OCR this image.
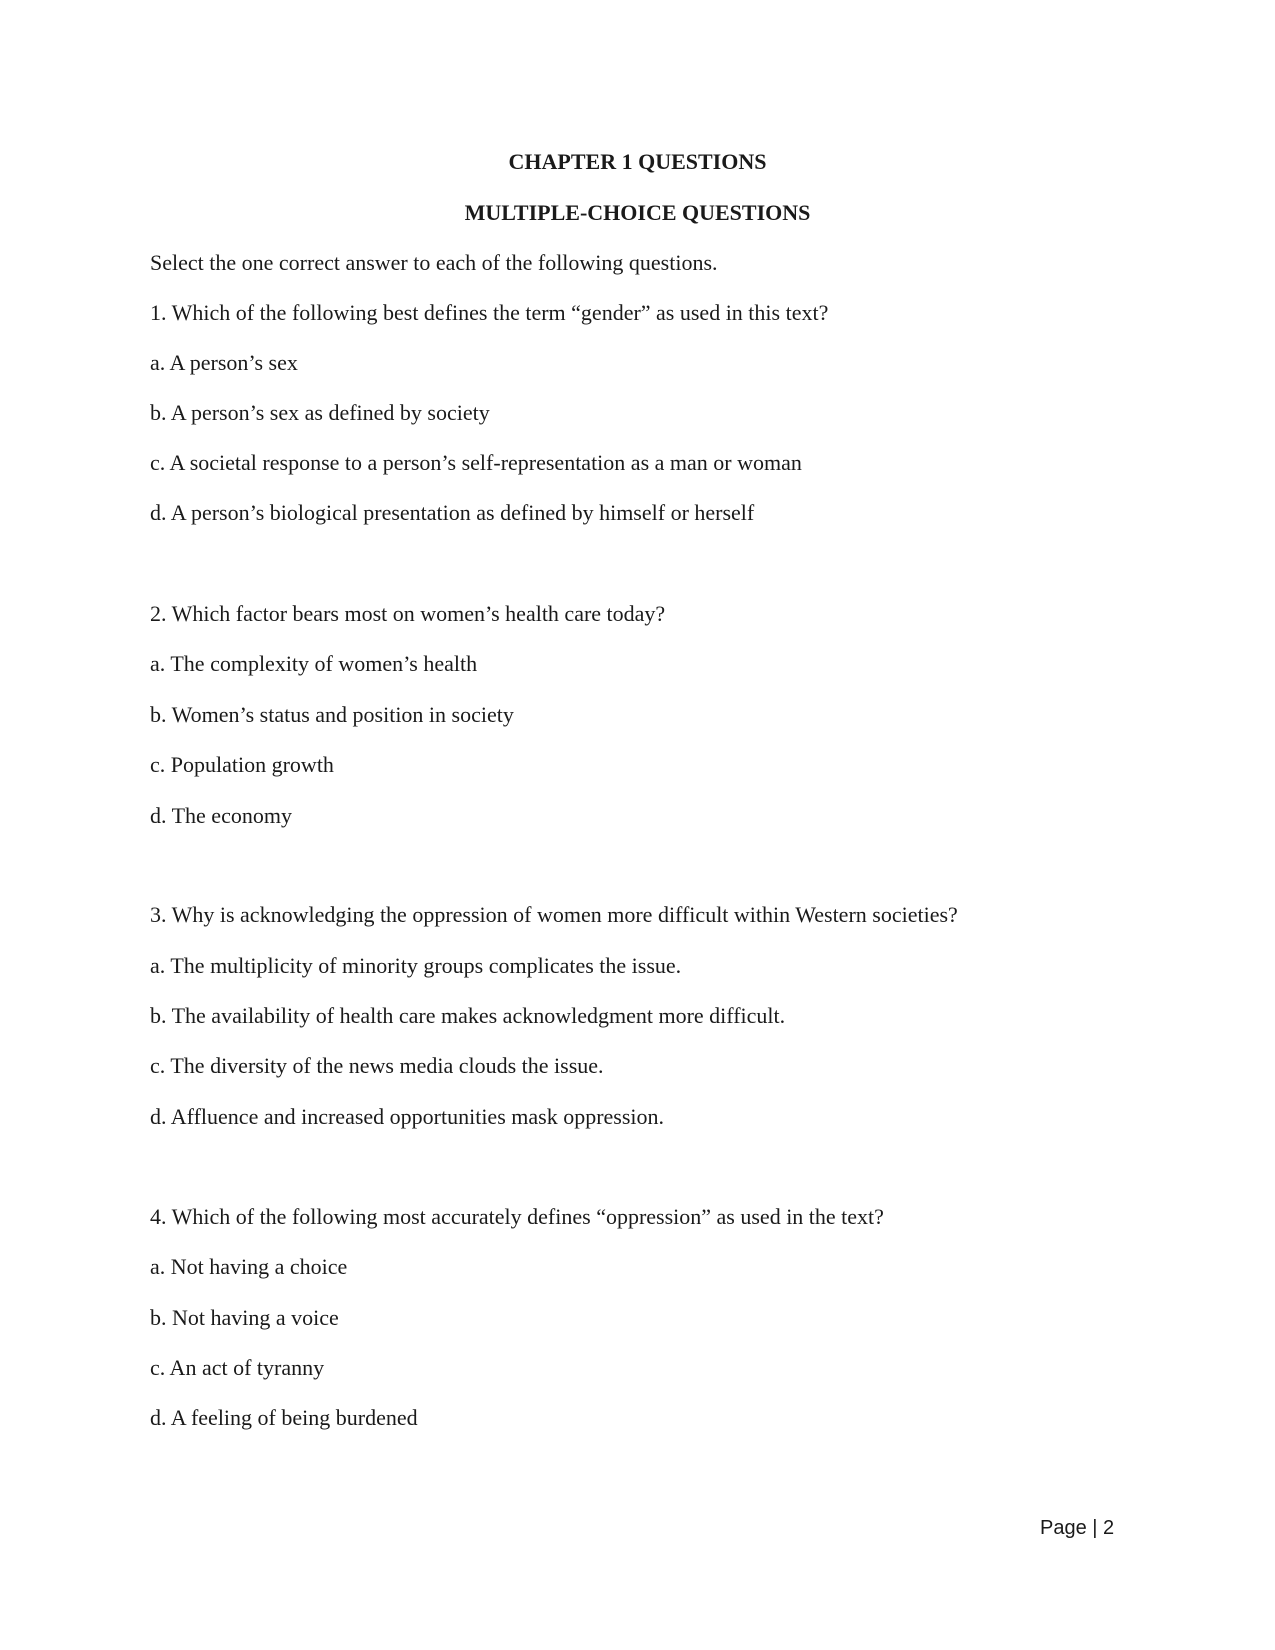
CHAPTER 1 QUESTIONS

MULTIPLE-CHOICE QUESTIONS

Select the one correct answer to each of the following questions.

1. Which of the following best defines the term “gender” as used in this text?

a. A person’s sex

b. A person’s sex as defined by society

c. A societal response to a person’s self-representation as a man or woman

d. A person’s biological presentation as defined by himself or herself

2. Which factor bears most on women’s health care today?

a. The complexity of women’s health

b. Women’s status and position in society

c. Population growth

d. The economy

3. Why is acknowledging the oppression of women more difficult within Western societies?

a. The multiplicity of minority groups complicates the issue.

b. The availability of health care makes acknowledgment more difficult.

c. The diversity of the news media clouds the issue.

d. Affluence and increased opportunities mask oppression.

4. Which of the following most accurately defines “oppression” as used in the text?

a. Not having a choice

b. Not having a voice

c. An act of tyranny

d. A feeling of being burdened

Page | 2
